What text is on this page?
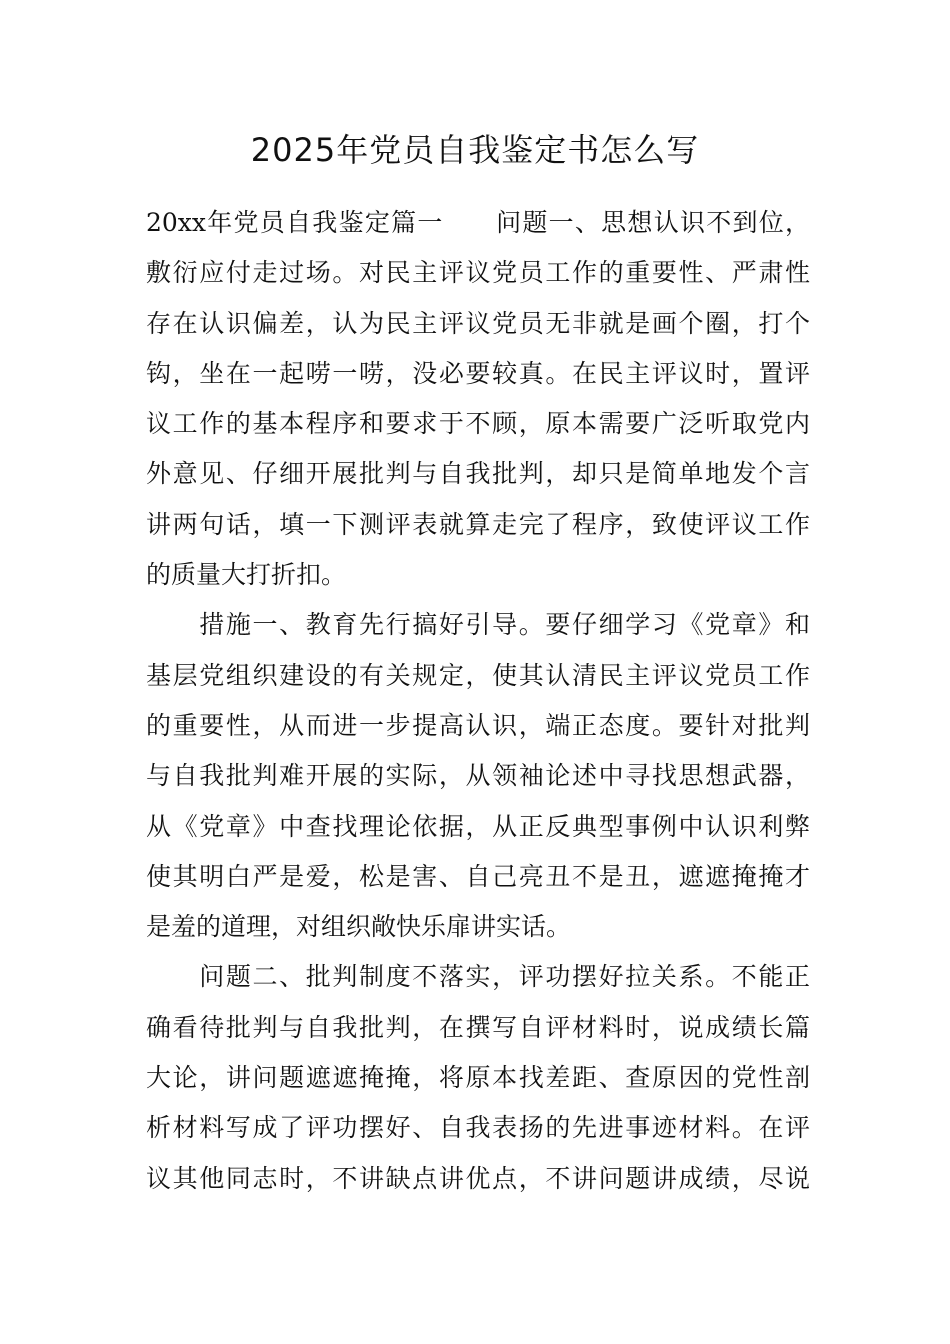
2025年党员自我鉴定书怎么写
20xx年党员自我鉴定篇一　　问题一、思想认识不到位，
敷衍应付走过场。对民主评议党员工作的重要性、严肃性
存在认识偏差，认为民主评议党员无非就是画个圈，打个
钩，坐在一起唠一唠，没必要较真。在民主评议时，置评
议工作的基本程序和要求于不顾，原本需要广泛听取党内
外意见、仔细开展批判与自我批判，却只是简单地发个言
讲两句话，填一下测评表就算走完了程序，致使评议工作
的质量大打折扣。
　　措施一、教育先行搞好引导。要仔细学习《党章》和
基层党组织建设的有关规定，使其认清民主评议党员工作
的重要性，从而进一步提高认识，端正态度。要针对批判
与自我批判难开展的实际，从领袖论述中寻找思想武器，
从《党章》中查找理论依据，从正反典型事例中认识利弊
使其明白严是爱，松是害、自己亮丑不是丑，遮遮掩掩才
是羞的道理，对组织敞快乐扉讲实话。
　　问题二、批判制度不落实，评功摆好拉关系。不能正
确看待批判与自我批判，在撰写自评材料时，说成绩长篇
大论，讲问题遮遮掩掩，将原本找差距、查原因的党性剖
析材料写成了评功摆好、自我表扬的先进事迹材料。在评
议其他同志时，不讲缺点讲优点，不讲问题讲成绩，尽说
